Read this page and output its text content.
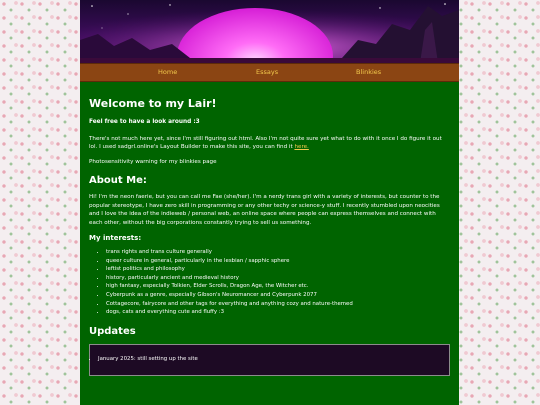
Home	Essays	Blinkies
Welcome to my Lair!

Feel free to have a look around :3

There's not much here yet, since I'm still figuring out html. Also I'm not quite sure yet what to do with it once I do figure it out lol. I used sadgrl.online's Layout Builder to make this site, you can find it here.

Photosensitivity warning for my blinkies page

About Me:

Hi! I'm the neon faerie, but you can call me Fae (she/her). I'm a nerdy trans girl with a variety of interests, but counter to the popular stereotype, I have zero skill in programming or any other techy or science-y stuff. I recently stumbled upon neocities and I love the idea of the indieweb / personal web, an online space where people can express themselves and connect with each other, without the big corporations constantly trying to sell us something.

My interests:
• trans rights and trans culture generally
• queer culture in general, particularly in the lesbian / sapphic sphere
• leftist politics and philosophy
• history, particularly ancient and medieval history
• high fantasy, especially Tolkien, Elder Scrolls, Dragon Age, the Witcher etc.
• Cyberpunk as a genre, especially Gibson's Neuromancer and Cyberpunk 2077
• Cottagecore, fairycore and other tags for everything and anything cozy and nature-themed
• dogs, cats and everything cute and fluffy :3
Updates
• January 2025: still setting up the site
